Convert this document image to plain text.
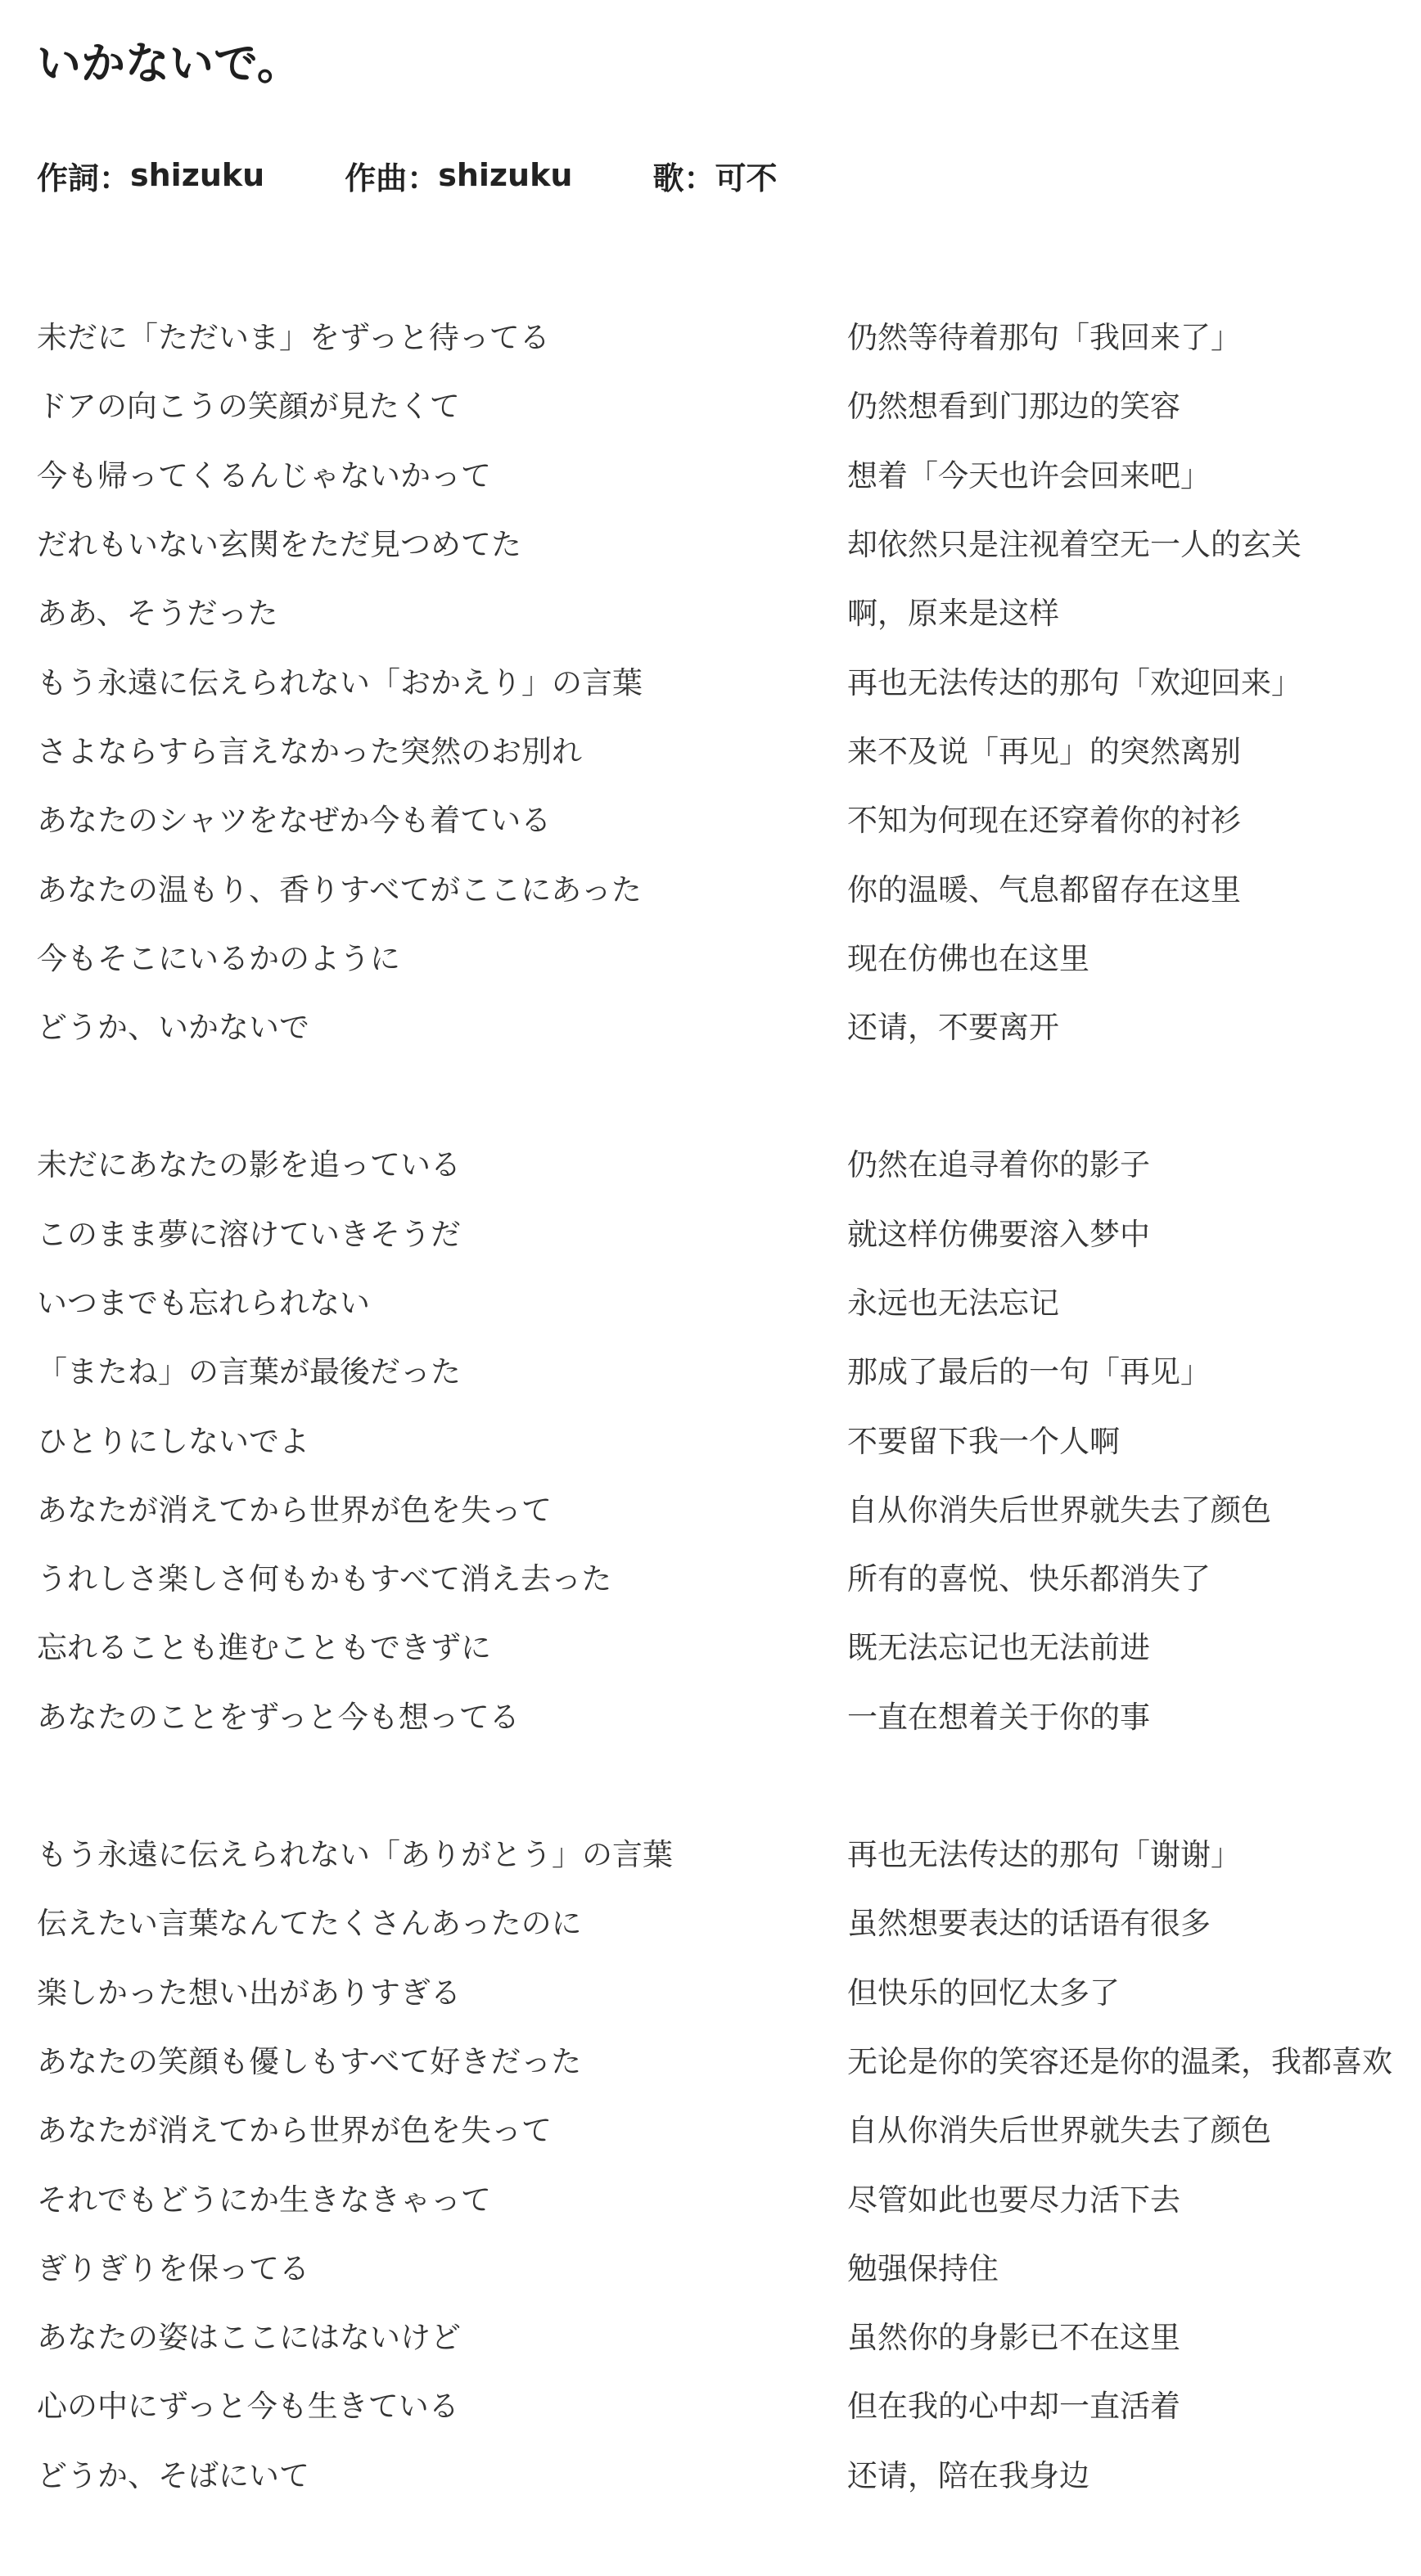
いかないで。
作詞： shizuku	作曲： shizuku	歌： 可不
未だに「ただいま」をずっと待ってる	仍然等待着那句「我回来了」
ドアの向こうの笑顔が見たくて	仍然想看到门那边的笑容
今も帰ってくるんじゃないかって	想着「今天也许会回来吧」
だれもいない玄関をただ見つめてた	却依然只是注视着空无一人的玄关
ああ、そうだった	啊，原来是这样
もう永遠に伝えられない「おかえり」の言葉	再也无法传达的那句「欢迎回来」
さよならすら言えなかった突然のお別れ	来不及说「再见」的突然离别
あなたのシャツをなぜか今も着ている	不知为何现在还穿着你的衬衫
あなたの温もり、香りすべてがここにあった	你的温暖、气息都留存在这里
今もそこにいるかのように	现在仿佛也在这里
どうか、いかないで	还请，不要离开
未だにあなたの影を追っている	仍然在追寻着你的影子
このまま夢に溶けていきそうだ	就这样仿佛要溶入梦中
いつまでも忘れられない	永远也无法忘记
「またね」の言葉が最後だった	那成了最后的一句「再见」
ひとりにしないでよ	不要留下我一个人啊
あなたが消えてから世界が色を失って	自从你消失后世界就失去了颜色
うれしさ楽しさ何もかもすべて消え去った	所有的喜悦、快乐都消失了
忘れることも進むこともできずに	既无法忘记也无法前进
あなたのことをずっと今も想ってる	一直在想着关于你的事
もう永遠に伝えられない「ありがとう」の言葉	再也无法传达的那句「谢谢」
伝えたい言葉なんてたくさんあったのに	虽然想要表达的话语有很多
楽しかった想い出がありすぎる	但快乐的回忆太多了
あなたの笑顔も優しもすべて好きだった	无论是你的笑容还是你的温柔，我都喜欢
あなたが消えてから世界が色を失って	自从你消失后世界就失去了颜色
それでもどうにか生きなきゃって	尽管如此也要尽力活下去
ぎりぎりを保ってる	勉强保持住
あなたの姿はここにはないけど	虽然你的身影已不在这里
心の中にずっと今も生きている	但在我的心中却一直活着
どうか、そばにいて	还请，陪在我身边
